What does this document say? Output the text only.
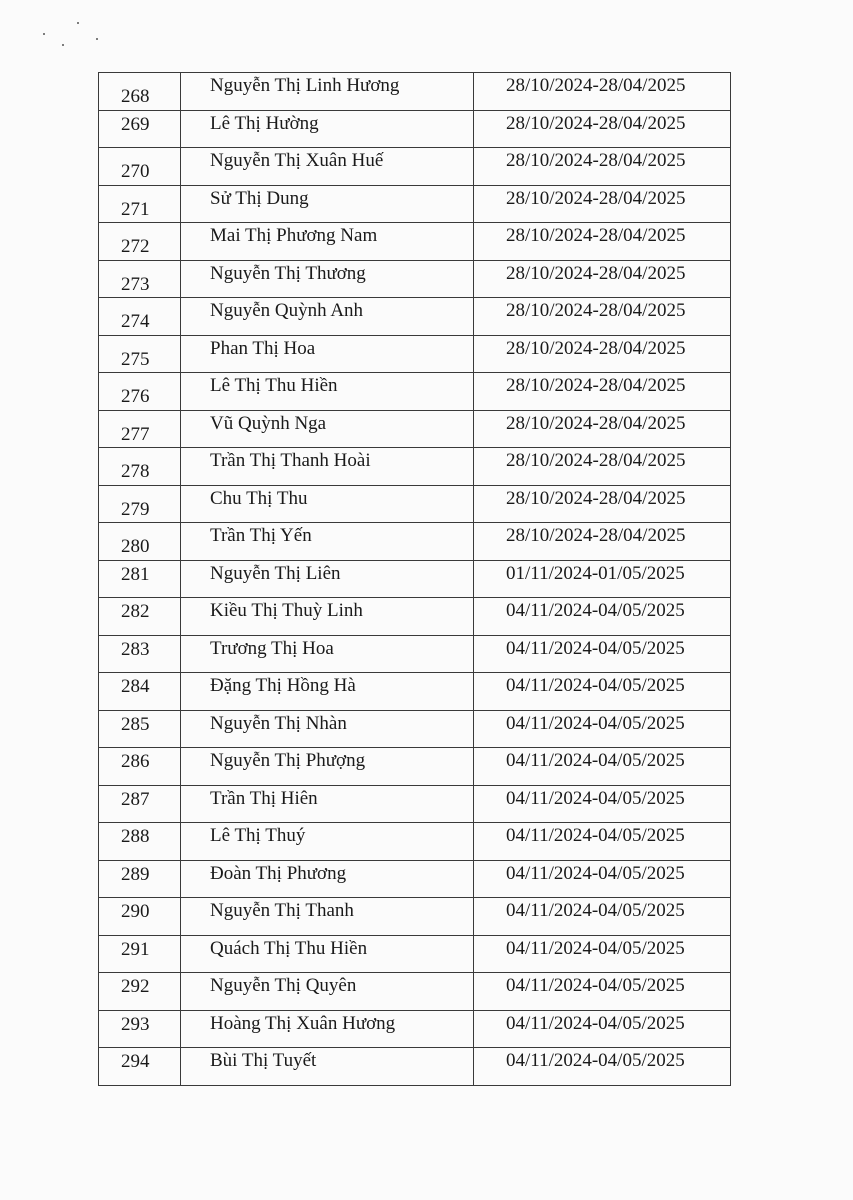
268	Nguyễn Thị Linh Hương	28/10/2024-28/04/2025
269	Lê Thị Hường	28/10/2024-28/04/2025
270	Nguyễn Thị Xuân Huế	28/10/2024-28/04/2025
271	Sử Thị Dung	28/10/2024-28/04/2025
272	Mai Thị Phương Nam	28/10/2024-28/04/2025
273	Nguyễn Thị Thương	28/10/2024-28/04/2025
274	Nguyễn Quỳnh Anh	28/10/2024-28/04/2025
275	Phan Thị Hoa	28/10/2024-28/04/2025
276	Lê Thị Thu Hiền	28/10/2024-28/04/2025
277	Vũ Quỳnh Nga	28/10/2024-28/04/2025
278	Trần Thị Thanh Hoài	28/10/2024-28/04/2025
279	Chu Thị Thu	28/10/2024-28/04/2025
280	Trần Thị Yến	28/10/2024-28/04/2025
281	Nguyễn Thị Liên	01/11/2024-01/05/2025
282	Kiều Thị Thuỳ Linh	04/11/2024-04/05/2025
283	Trương Thị Hoa	04/11/2024-04/05/2025
284	Đặng Thị Hồng Hà	04/11/2024-04/05/2025
285	Nguyễn Thị Nhàn	04/11/2024-04/05/2025
286	Nguyễn Thị Phượng	04/11/2024-04/05/2025
287	Trần Thị Hiên	04/11/2024-04/05/2025
288	Lê Thị Thuý	04/11/2024-04/05/2025
289	Đoàn Thị Phương	04/11/2024-04/05/2025
290	Nguyễn Thị Thanh	04/11/2024-04/05/2025
291	Quách Thị Thu Hiền	04/11/2024-04/05/2025
292	Nguyễn Thị Quyên	04/11/2024-04/05/2025
293	Hoàng Thị Xuân Hương	04/11/2024-04/05/2025
294	Bùi Thị Tuyết	04/11/2024-04/05/2025
